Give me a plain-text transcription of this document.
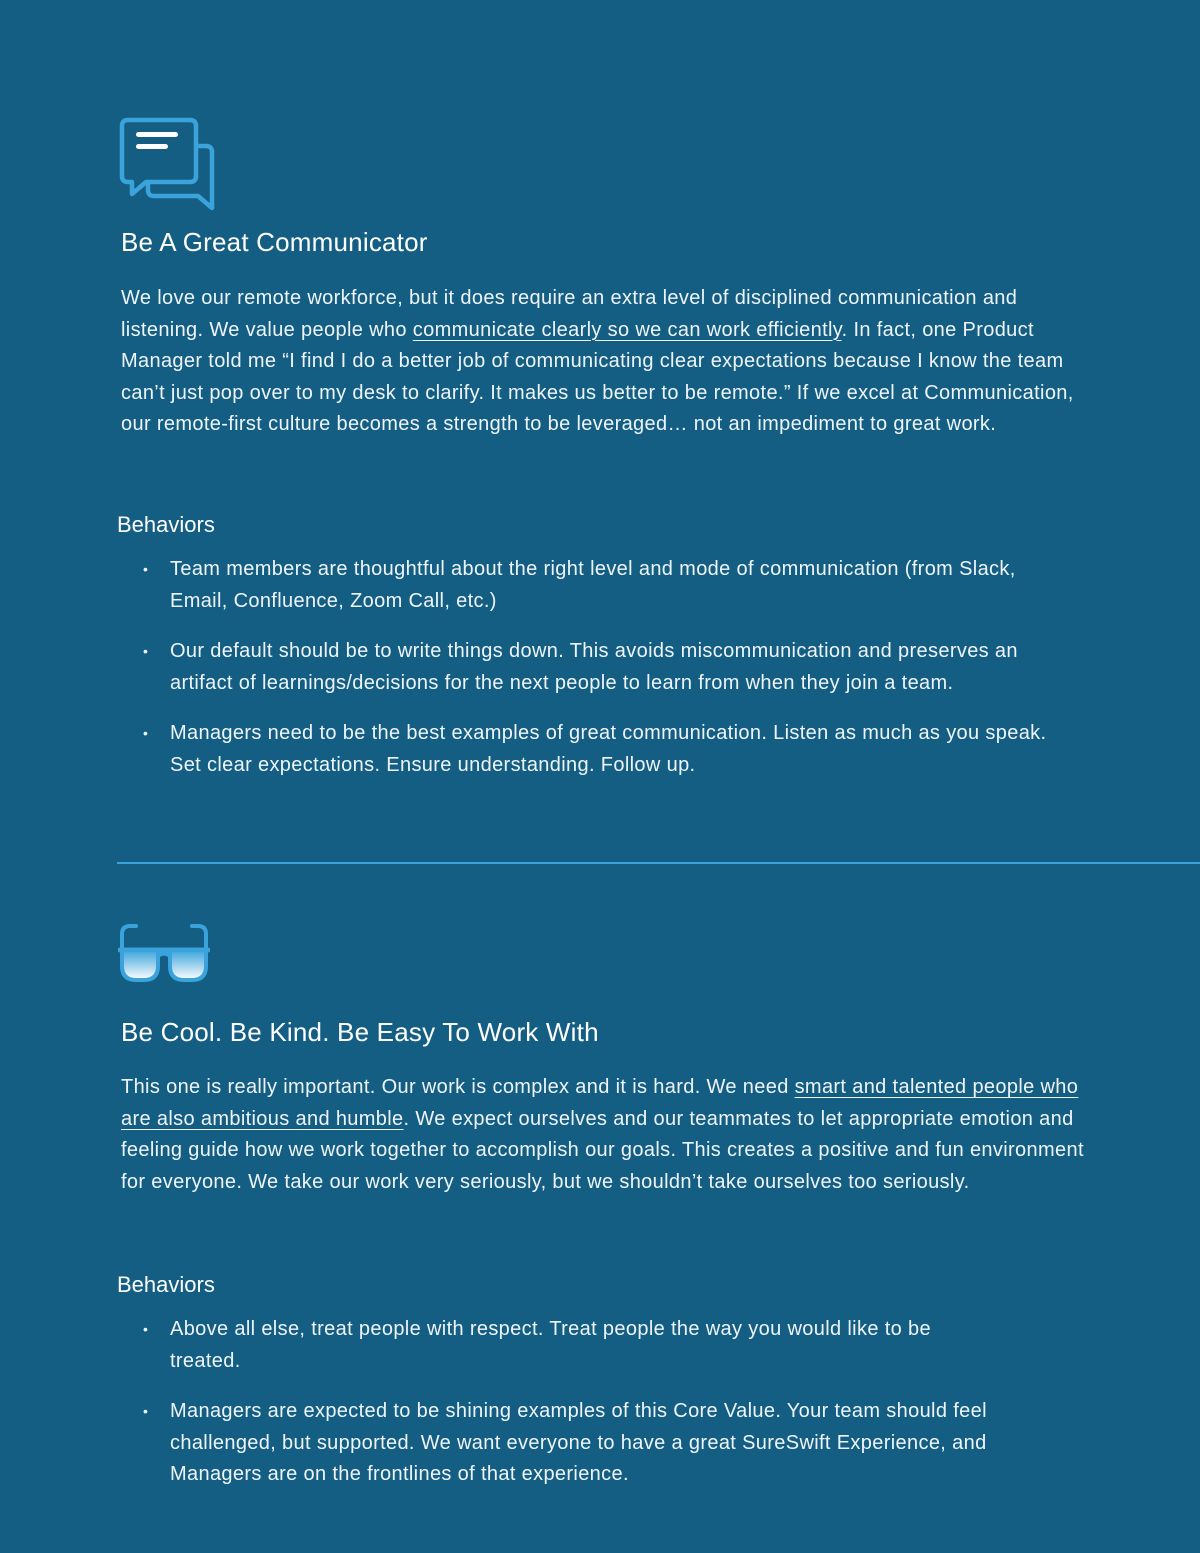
Be A Great Communicator

We love our remote workforce, but it does require an extra level of disciplined communication and listening. We value people who communicate clearly so we can work efficiently. In fact, one Product Manager told me “I find I do a better job of communicating clear expectations because I know the team can’t just pop over to my desk to clarify. It makes us better to be remote.” If we excel at Communication, our remote-first culture becomes a strength to be leveraged… not an impediment to great work.

Behaviors
• Team members are thoughtful about the right level and mode of communication (from Slack, Email, Confluence, Zoom Call, etc.)
• Our default should be to write things down. This avoids miscommunication and preserves an artifact of learnings/decisions for the next people to learn from when they join a team.
• Managers need to be the best examples of great communication. Listen as much as you speak. Set clear expectations. Ensure understanding. Follow up.
Be Cool. Be Kind. Be Easy To Work With

This one is really important. Our work is complex and it is hard. We need smart and talented people who are also ambitious and humble. We expect ourselves and our teammates to let appropriate emotion and feeling guide how we work together to accomplish our goals. This creates a positive and fun environment for everyone. We take our work very seriously, but we shouldn’t take ourselves too seriously.

Behaviors
• Above all else, treat people with respect. Treat people the way you would like to be treated.
• Managers are expected to be shining examples of this Core Value. Your team should feel challenged, but supported. We want everyone to have a great SureSwift Experience, and Managers are on the frontlines of that experience.
